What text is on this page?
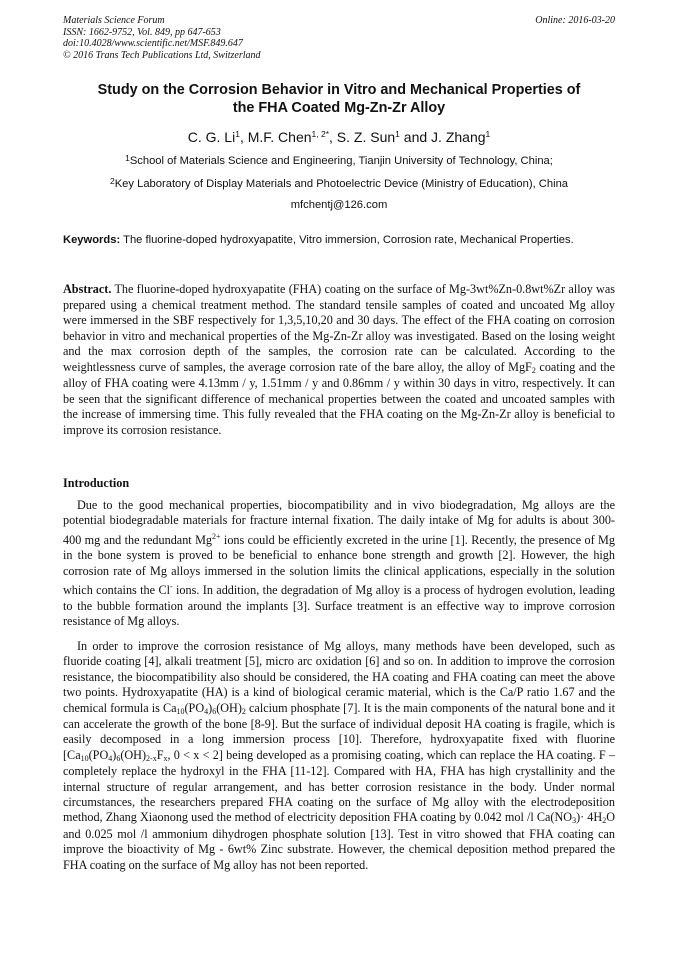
Materials Science Forum
ISSN: 1662-9752, Vol. 849, pp 647-653
doi:10.4028/www.scientific.net/MSF.849.647
© 2016 Trans Tech Publications Ltd, Switzerland
Online: 2016-03-20
Study on the Corrosion Behavior in Vitro and Mechanical Properties of
the FHA Coated Mg-Zn-Zr Alloy
C. G. Li$^1$, M.F. Chen$^{1, 2*}$, S. Z. Sun$^1$ and J. Zhang$^1$
$^1$School of Materials Science and Engineering, Tianjin University of Technology, China;
$^2$Key Laboratory of Display Materials and Photoelectric Device (Ministry of Education), China
mfchentj@126.com
Keywords: The fluorine-doped hydroxyapatite, Vitro immersion, Corrosion rate, Mechanical Properties.
Abstract. The fluorine-doped hydroxyapatite (FHA) coating on the surface of Mg-3wt%Zn-0.8wt%Zr alloy was prepared using a chemical treatment method. The standard tensile samples of coated and uncoated Mg alloy were immersed in the SBF respectively for 1,3,5,10,20 and 30 days. The effect of the FHA coating on corrosion behavior in vitro and mechanical properties of the Mg-Zn-Zr alloy was investigated. Based on the losing weight and the max corrosion depth of the samples, the corrosion rate can be calculated. According to the weightlessness curve of samples, the average corrosion rate of the bare alloy, the alloy of MgF$_2$ coating and the alloy of FHA coating were 4.13mm / y, 1.51mm / y and 0.86mm / y within 30 days in vitro, respectively. It can be seen that the significant difference of mechanical properties between the coated and uncoated samples with the increase of immersing time. This fully revealed that the FHA coating on the Mg-Zn-Zr alloy is beneficial to improve its corrosion resistance.
Introduction

Due to the good mechanical properties, biocompatibility and in vivo biodegradation, Mg alloys are the potential biodegradable materials for fracture internal fixation. The daily intake of Mg for adults is about 300-400 mg and the redundant $Mg^{2+}$ ions could be efficiently excreted in the urine [1]. Recently, the presence of Mg in the bone system is proved to be beneficial to enhance bone strength and growth [2]. However, the high corrosion rate of Mg alloys immersed in the solution limits the clinical applications, especially in the solution which contains the Cl- ions. In addition, the degradation of Mg alloy is a process of hydrogen evolution, leading to the bubble formation around the implants [3]. Surface treatment is an effective way to improve corrosion resistance of Mg alloys.

In order to improve the corrosion resistance of Mg alloys, many methods have been developed, such as fluoride coating [4], alkali treatment [5], micro arc oxidation [6] and so on. In addition to improve the corrosion resistance, the biocompatibility also should be considered, the HA coating and FHA coating can meet the above two points. Hydroxyapatite (HA) is a kind of biological ceramic material, which is the Ca/P ratio 1.67 and the chemical formula is $Ca_{10}(PO_4)_6(OH)_2$ calcium phosphate [7]. It is the main components of the natural bone and it can accelerate the growth of the bone [8-9]. But the surface of individual deposit HA coating is fragile, which is easily decomposed in a long immersion process [10]. Therefore, hydroxyapatite fixed with fluorine [$Ca_{10}(PO_4)_6(OH)_{2-x}F_x$, 0 < x < 2] being developed as a promising coating, which can replace the HA coating. F –completely replace the hydroxyl in the FHA [11-12]. Compared with HA, FHA has high crystallinity and the internal structure of regular arrangement, and has better corrosion resistance in the body. Under normal circumstances, the researchers prepared FHA coating on the surface of Mg alloy with the electrodeposition method, Zhang Xiaonong used the method of electricity deposition FHA coating by 0.042 mol /l $Ca(NO_3)\cdot 4H_2O$ and 0.025 mol /l ammonium dihydrogen phosphate solution [13]. Test in vitro showed that FHA coating can improve the bioactivity of Mg - 6wt% Zinc substrate. However, the chemical deposition method prepared the FHA coating on the surface of Mg alloy has not been reported.
